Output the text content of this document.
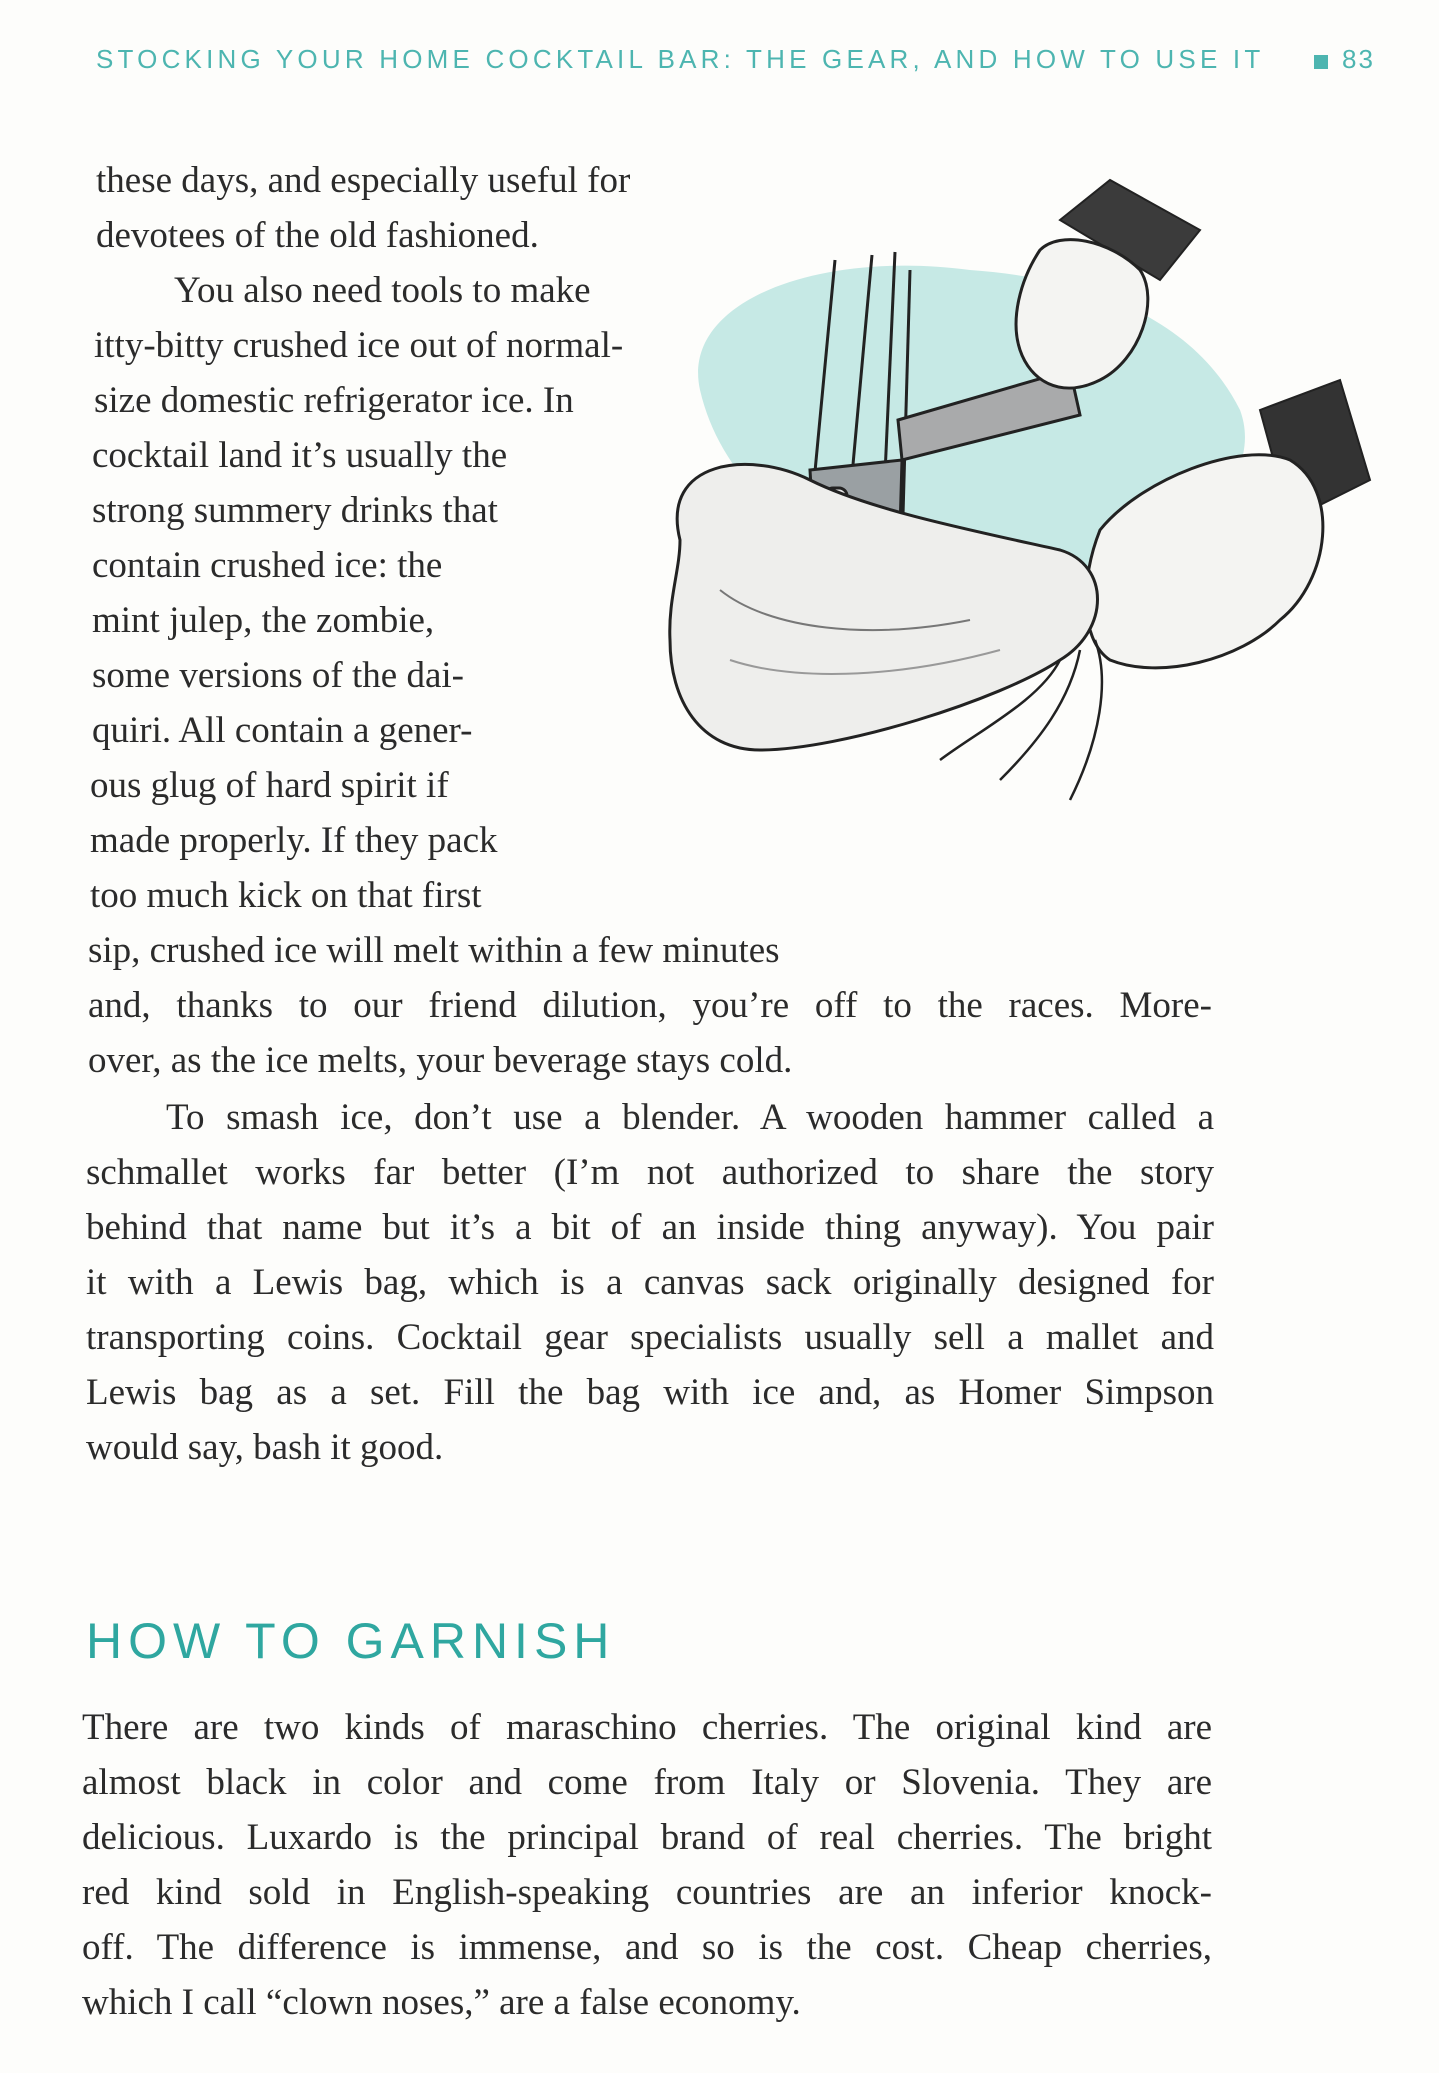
STOCKING YOUR HOME COCKTAIL BAR: THE GEAR, AND HOW TO USE IT	83
these days, and especially useful for
devotees of the old fashioned.
You also need tools to make
itty-bitty crushed ice out of normal-
size domestic refrigerator ice. In
cocktail land it’s usually the
strong summery drinks that
contain crushed ice: the
mint julep, the zombie,
some versions of the dai-
quiri. All contain a gener-
ous glug of hard spirit if
made properly. If they pack
too much kick on that first
sip, crushed ice will melt within a few minutes
and, thanks to our friend dilution, you’re off to the races. More-
over, as the ice melts, your beverage stays cold.
To smash ice, don’t use a blender. A wooden hammer called a
schmallet works far better (I’m not authorized to share the story
behind that name but it’s a bit of an inside thing anyway). You pair
it with a Lewis bag, which is a canvas sack originally designed for
transporting coins. Cocktail gear specialists usually sell a mallet and
Lewis bag as a set. Fill the bag with ice and, as Homer Simpson
would say, bash it good.
HOW TO GARNISH
There are two kinds of maraschino cherries. The original kind are
almost black in color and come from Italy or Slovenia. They are
delicious. Luxardo is the principal brand of real cherries. The bright
red kind sold in English-speaking countries are an inferior knock-
off. The difference is immense, and so is the cost. Cheap cherries,
which I call “clown noses,” are a false economy.
